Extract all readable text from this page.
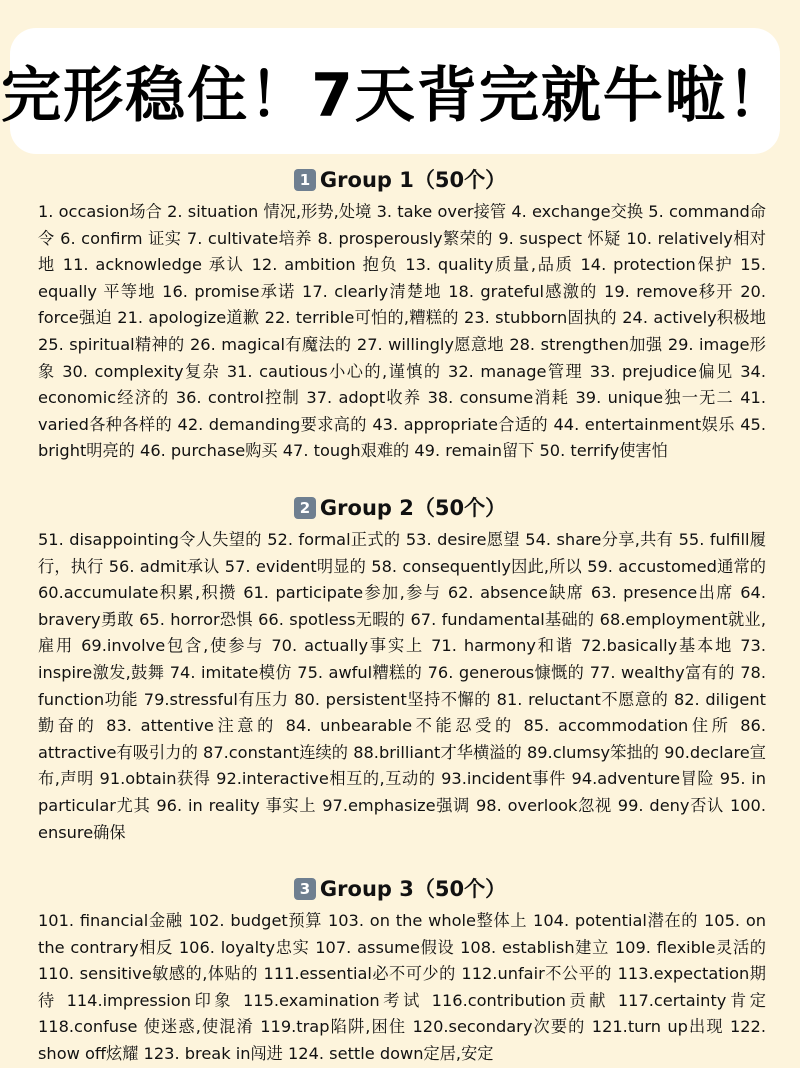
完形稳住！7天背完就牛啦！
1 Group 1（50个）
1. occasion场合 2. situation 情况,形势,处境 3. take over接管 4. exchange交换 5. command命令 6. confirm 证实 7. cultivate培养 8. prosperously繁荣的 9. suspect 怀疑 10. relatively相对地 11. acknowledge 承认 12. ambition 抱负 13. quality质量,品质 14. protection保护 15. equally 平等地 16. promise承诺 17. clearly清楚地 18. grateful感激的 19. remove移开 20. force强迫 21. apologize道歉 22. terrible可怕的,糟糕的 23. stubborn固执的 24. actively积极地 25. spiritual精神的 26. magical有魔法的 27. willingly愿意地 28. strengthen加强 29. image形象 30. complexity复杂 31. cautious小心的,谨慎的 32. manage管理 33. prejudice偏见 34. economic经济的 36. control控制 37. adopt收养 38. consume消耗 39. unique独一无二 41. varied各种各样的 42. demanding要求高的 43. appropriate合适的 44. entertainment娱乐 45. bright明亮的 46. purchase购买 47. tough艰难的 49. remain留下 50. terrify使害怕
2 Group 2（50个）
51. disappointing令人失望的 52. formal正式的 53. desire愿望 54. share分享,共有 55. fulfill履行，执行 56. admit承认 57. evident明显的 58. consequently因此,所以 59. accustomed通常的 60.accumulate积累,积攒 61. participate参加,参与 62. absence缺席 63. presence出席 64. bravery勇敢 65. horror恐惧 66. spotless无暇的 67. fundamental基础的 68.employment就业,雇用 69.involve包含,使参与 70. actually事实上 71. harmony和谐 72.basically基本地 73. inspire激发,鼓舞 74. imitate模仿 75. awful糟糕的 76. generous慷慨的 77. wealthy富有的 78. function功能 79.stressful有压力 80. persistent坚持不懈的 81. reluctant不愿意的 82. diligent勤奋的 83. attentive注意的 84. unbearable不能忍受的 85. accommodation住所 86. attractive有吸引力的 87.constant连续的 88.brilliant才华横溢的 89.clumsy笨拙的 90.declare宣布,声明 91.obtain获得 92.interactive相互的,互动的 93.incident事件 94.adventure冒险 95. in particular尤其 96. in reality 事实上 97.emphasize强调 98. overlook忽视 99. deny否认 100. ensure确保
3 Group 3（50个）
101. financial金融 102. budget预算 103. on the whole整体上 104. potential潜在的 105. on the contrary相反 106. loyalty忠实 107. assume假设 108. establish建立 109. flexible灵活的 110. sensitive敏感的,体贴的 111.essential必不可少的 112.unfair不公平的 113.expectation期待 114.impression印象 115.examination考试 116.contribution贡献 117.certainty肯定 118.confuse 使迷惑,使混淆 119.trap陷阱,困住 120.secondary次要的 121.turn up出现 122. show off炫耀 123. break in闯进 124. settle down定居,安定
